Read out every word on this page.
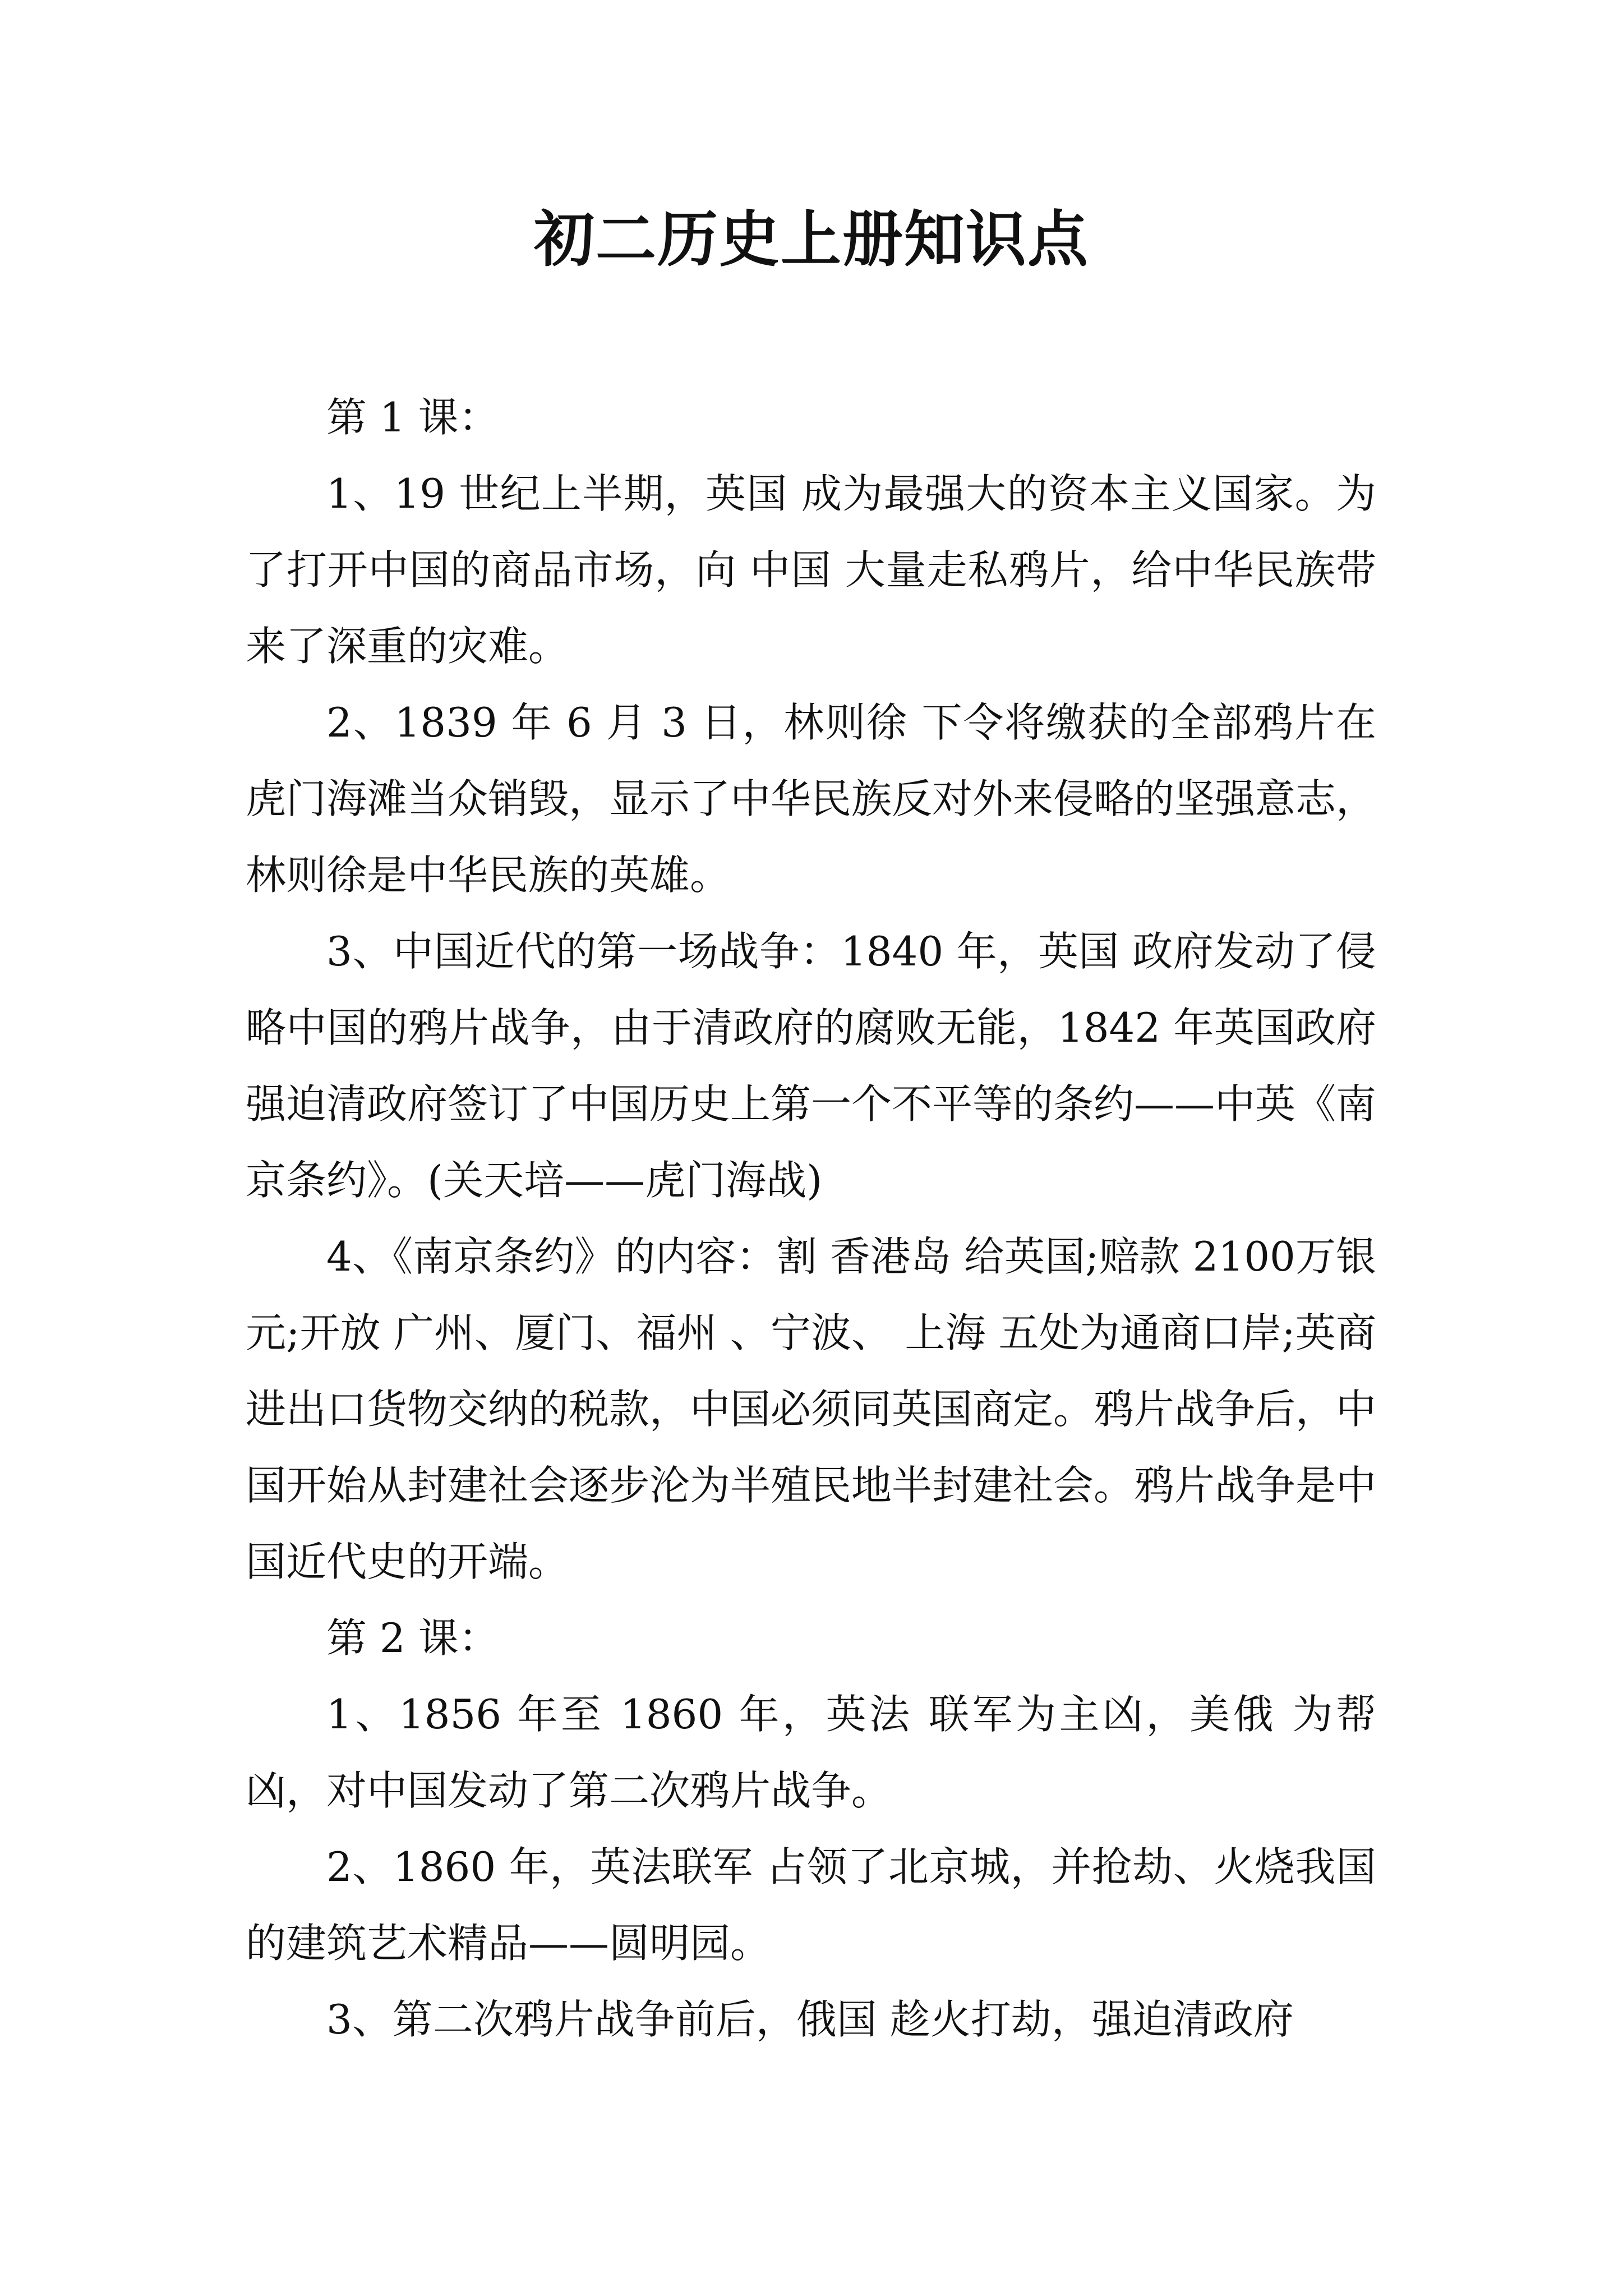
初二历史上册知识点

第 1 课：

1、19 世纪上半期，英国 成为最强大的资本主义国家。为了打开中国的商品市场，向 中国 大量走私鸦片，给中华民族带来了深重的灾难。

2、1839 年 6 月 3 日，林则徐 下令将缴获的全部鸦片在虎门海滩当众销毁，显示了中华民族反对外来侵略的坚强意志，林则徐是中华民族的英雄。

3、中国近代的第一场战争：1840 年，英国 政府发动了侵略中国的鸦片战争，由于清政府的腐败无能，1842 年英国政府强迫清政府签订了中国历史上第一个不平等的条约——中英《南京条约》。(关天培——虎门海战)

4、《南京条约》的内容：割 香港岛 给英国;赔款 2100万银元;开放 广州、厦门、福州 、宁波、 上海 五处为通商口岸;英商进出口货物交纳的税款，中国必须同英国商定。鸦片战争后，中国开始从封建社会逐步沦为半殖民地半封建社会。鸦片战争是中国近代史的开端。

第 2 课：

1、1856 年至 1860 年，英法 联军为主凶，美俄 为帮凶，对中国发动了第二次鸦片战争。

2、1860 年，英法联军 占领了北京城，并抢劫、火烧我国的建筑艺术精品——圆明园。

3、第二次鸦片战争前后，俄国 趁火打劫，强迫清政府
